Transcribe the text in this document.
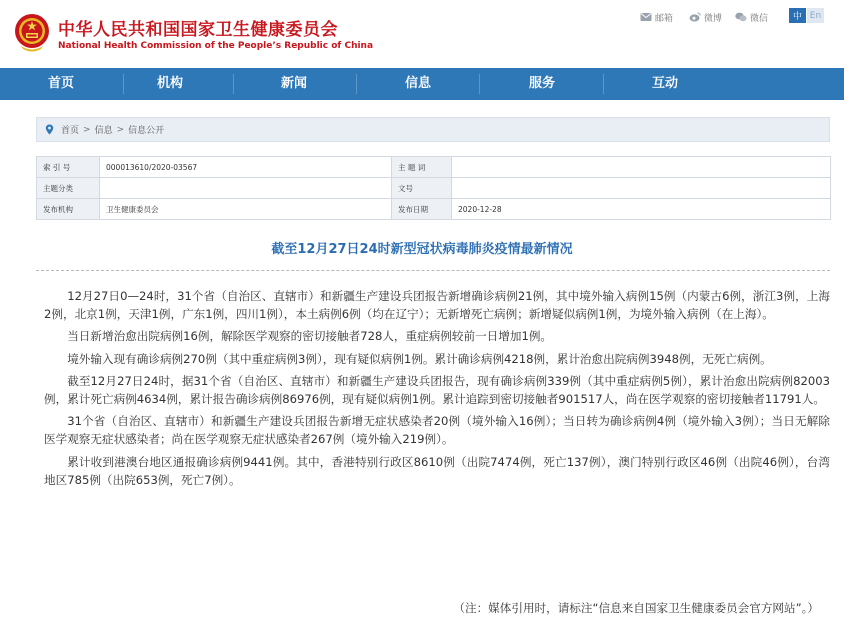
中华人民共和国国家卫生健康委员会
National Health Commission of the People’s Republic of China
邮箱	微博	微信	中 En
首页	机构	新闻	信息	服务	互动
首页 > 信息 > 信息公开
索 引 号	000013610/2020-03567	主 题 词	
主题分类		文号	
发布机构	卫生健康委员会	发布日期	2020-12-28
截至12月27日24时新型冠状病毒肺炎疫情最新情况

12月27日0—24时，31个省（自治区、直辖市）和新疆生产建设兵团报告新增确诊病例21例，其中境外输入病例15例（内蒙古6例，浙江3例，上海2例，北京1例，天津1例，广东1例，四川1例），本土病例6例（均在辽宁）；无新增死亡病例；新增疑似病例1例，为境外输入病例（在上海）。

当日新增治愈出院病例16例，解除医学观察的密切接触者728人，重症病例较前一日增加1例。

境外输入现有确诊病例270例（其中重症病例3例），现有疑似病例1例。累计确诊病例4218例，累计治愈出院病例3948例，无死亡病例。

截至12月27日24时，据31个省（自治区、直辖市）和新疆生产建设兵团报告，现有确诊病例339例（其中重症病例5例），累计治愈出院病例82003例，累计死亡病例4634例，累计报告确诊病例86976例，现有疑似病例1例。累计追踪到密切接触者901517人，尚在医学观察的密切接触者11791人。

31个省（自治区、直辖市）和新疆生产建设兵团报告新增无症状感染者20例（境外输入16例）；当日转为确诊病例4例（境外输入3例）；当日无解除医学观察无症状感染者；尚在医学观察无症状感染者267例（境外输入219例）。

累计收到港澳台地区通报确诊病例9441例。其中，香港特别行政区8610例（出院7474例，死亡137例），澳门特别行政区46例（出院46例），台湾地区785例（出院653例，死亡7例）。

（注：媒体引用时，请标注“信息来自国家卫生健康委员会官方网站”。）
